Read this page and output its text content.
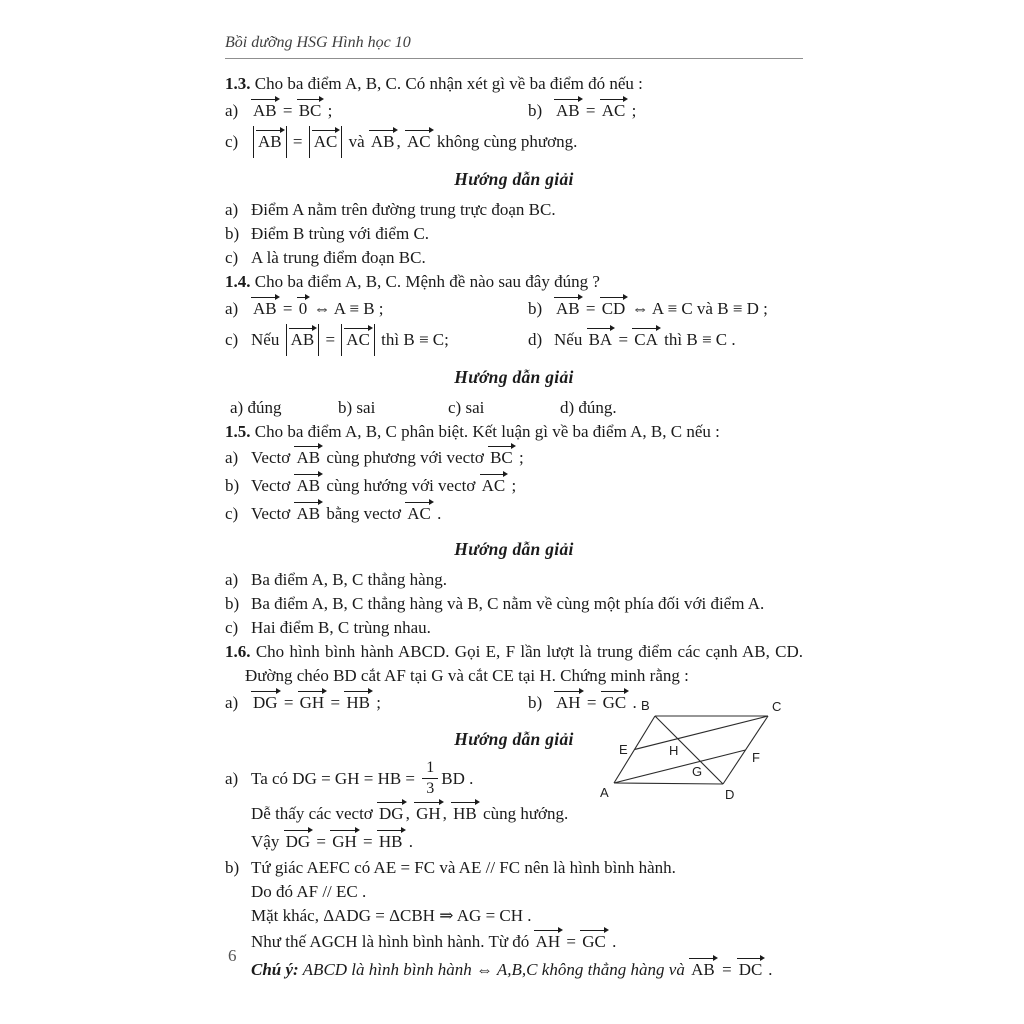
Bồi dưỡng HSG Hình học 10

1.3. Cho ba điểm A, B, C. Có nhận xét gì về ba điểm đó nếu :

a) AB = BC ;	b) AB = AC ;
c) AB = AC và AB , AC không cùng phương.
Hướng dẫn giải
a) Điểm A nằm trên đường trung trực đoạn BC.
b) Điểm B trùng với điểm C.
c) A là trung điểm đoạn BC.

1.4. Cho ba điểm A, B, C. Mệnh đề nào sau đây đúng ?

a) AB = 0 ⇔ A ≡ B ;	b) AB = CD ⇔ A ≡ C và B ≡ D ;
c) Nếu AB = AC thì B ≡ C;	d) Nếu BA = CA thì B ≡ C .
Hướng dẫn giải
a) đúng	b) sai	c) sai	d) đúng.

1.5. Cho ba điểm A, B, C phân biệt. Kết luận gì về ba điểm A, B, C nếu :

a) Vectơ AB cùng phương với vectơ BC ;
b) Vectơ AB cùng hướng với vectơ AC ;
c) Vectơ AB bằng vectơ AC .
Hướng dẫn giải
a) Ba điểm A, B, C thẳng hàng.
b) Ba điểm A, B, C thẳng hàng và B, C nằm về cùng một phía đối với điểm A.
c) Hai điểm B, C trùng nhau.

1.6. Cho hình bình hành ABCD. Gọi E, F lần lượt là trung điểm các cạnh AB, CD. Đường chéo BD cắt AF tại G và cắt CE tại H. Chứng minh rằng :

a) DG = GH = HB ;	b) AH = GC .
Hướng dẫn giải
a) Ta có DG = GH = HB = $\frac{1}{3}$ BD .
Dễ thấy các vectơ DG , GH , HB cùng hướng.
Vậy DG = GH = HB .
b) Tứ giác AEFC có AE = FC và AE // FC nên là hình bình hành.
Do đó AF // EC .
Mặt khác, ΔADG = ΔCBH ⇒ AG = CH .
Như thế AGCH là hình bình hành. Từ đó AH = GC .
Chú ý: ABCD là hình bình hành ⇔ A,B,C không thẳng hàng và AB = DC .
B	C
A	D
E
F
H
G
6
